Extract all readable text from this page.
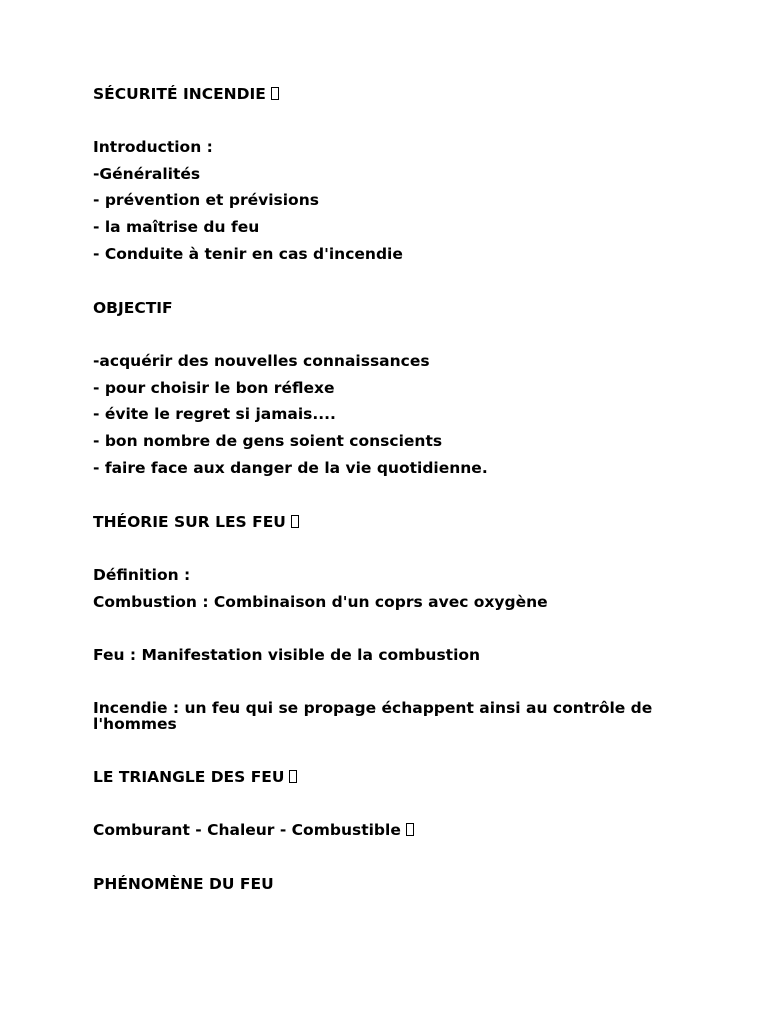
SÉCURITÉ INCENDIE
Introduction :
-Généralités
- prévention et prévisions
- la maîtrise du feu
- Conduite à tenir en cas d'incendie
OBJECTIF
-acquérir des nouvelles connaissances
- pour choisir le bon réflexe
- évite le regret si jamais....
- bon nombre de gens soient conscients
- faire face aux danger de la vie quotidienne.
THÉORIE SUR LES FEU
Définition :
Combustion : Combinaison d'un coprs avec oxygène
Feu : Manifestation visible de la combustion
Incendie : un feu qui se propage échappent ainsi au contrôle de l'hommes
LE TRIANGLE DES FEU
Comburant - Chaleur - Combustible
PHÉNOMÈNE DU FEU
